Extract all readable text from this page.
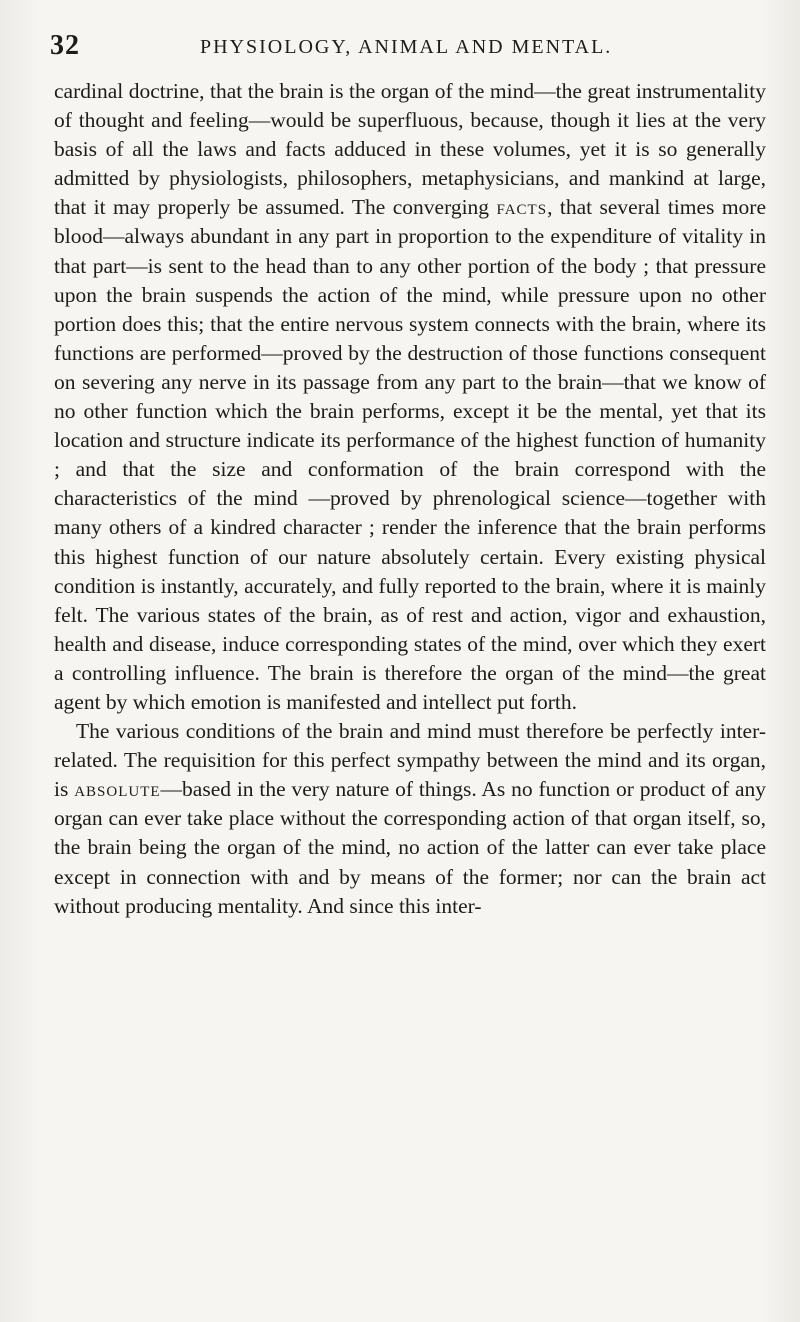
32	PHYSIOLOGY, ANIMAL AND MENTAL.

cardinal doctrine, that the brain is the organ of the mind—the great instrumentality of thought and feeling—would be superfluous, because, though it lies at the very basis of all the laws and facts adduced in these volumes, yet it is so generally admitted by physiologists, philosophers, metaphysicians, and mankind at large, that it may properly be assumed. The converging facts, that several times more blood—always abundant in any part in proportion to the expenditure of vitality in that part—is sent to the head than to any other portion of the body ; that pressure upon the brain suspends the action of the mind, while pressure upon no other portion does this; that the entire nervous system connects with the brain, where its functions are performed—proved by the destruction of those functions consequent on severing any nerve in its passage from any part to the brain—that we know of no other function which the brain performs, except it be the mental, yet that its location and structure indicate its performance of the highest function of humanity ; and that the size and conformation of the brain correspond with the characteristics of the mind —proved by phrenological science—together with many others of a kindred character ; render the inference that the brain performs this highest function of our nature absolutely certain. Every existing physical condition is instantly, accurately, and fully reported to the brain, where it is mainly felt. The various states of the brain, as of rest and action, vigor and exhaustion, health and disease, induce corresponding states of the mind, over which they exert a controlling influence. The brain is therefore the organ of the mind—the great agent by which emotion is manifested and intellect put forth.

The various conditions of the brain and mind must therefore be perfectly inter-related. The requisition for this perfect sympathy between the mind and its organ, is absolute—based in the very nature of things. As no function or product of any organ can ever take place without the corresponding action of that organ itself, so, the brain being the organ of the mind, no action of the latter can ever take place except in connection with and by means of the former; nor can the brain act without producing mentality. And since this inter-
